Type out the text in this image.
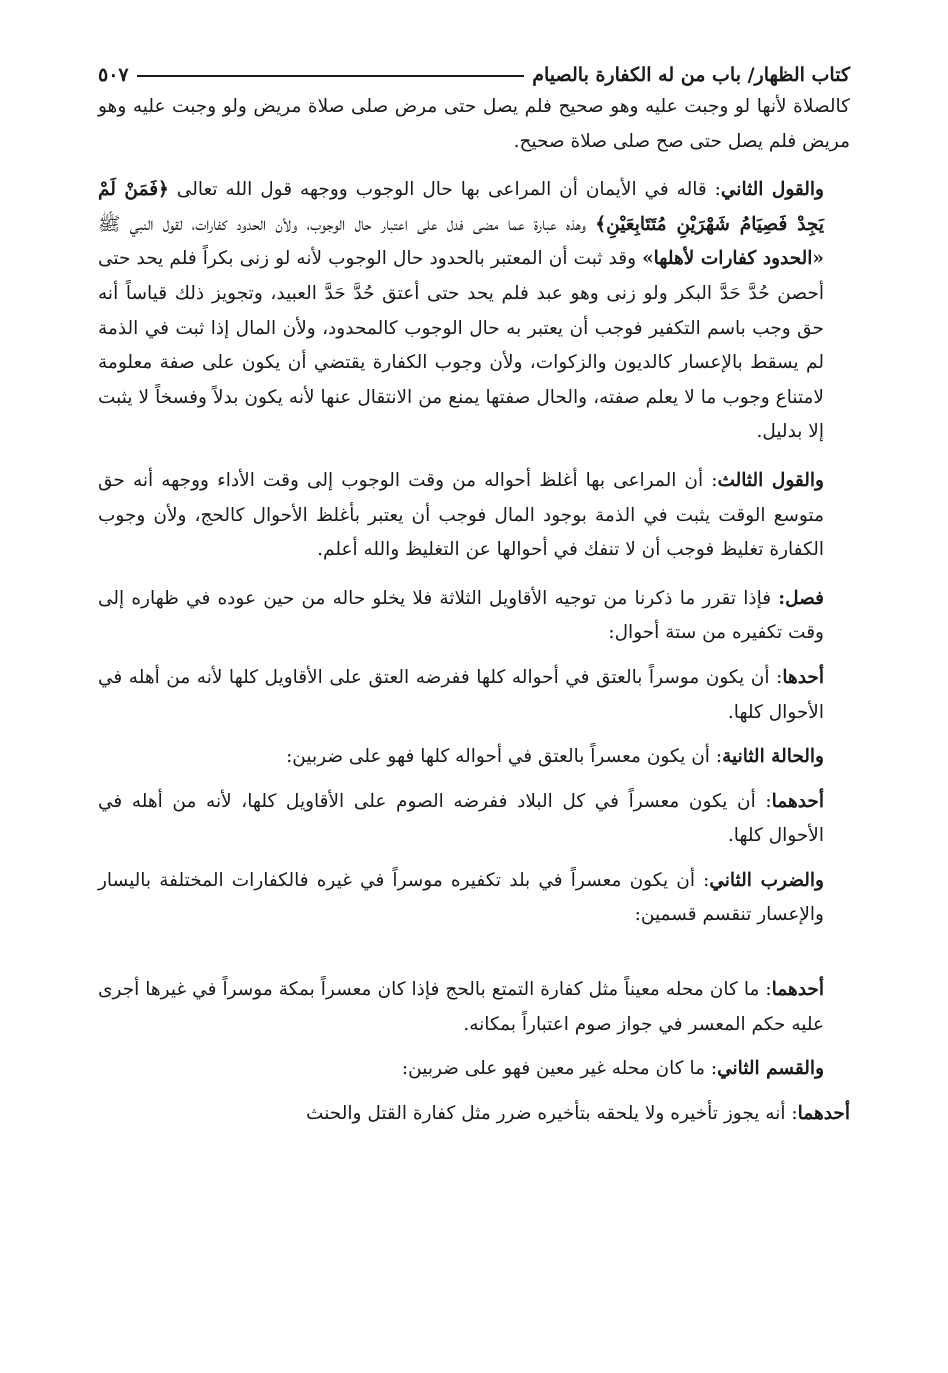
كتاب الظهار/ باب من له الكفارة بالصيام
٥٠٧

كالصلاة لأنها لو وجبت عليه وهو صحيح فلم يصل حتى مرض صلى صلاة مريض ولو وجبت عليه وهو مريض فلم يصل حتى صح صلى صلاة صحيح.

والقول الثاني: قاله في الأيمان أن المراعى بها حال الوجوب ووجهه قول الله تعالى ﴿فَمَنْ لَمْ يَجِدْ فَصِيَامُ شَهْرَيْنِ مُتَتَابِعَيْنِ﴾ وهذه عبارة عما مضى فدل على اعتبار حال الوجوب، ولأن الحدود كفارات، لقول النبي ﷺ «الحدود كفارات لأهلها» وقد ثبت أن المعتبر بالحدود حال الوجوب لأنه لو زنى بكراً فلم يحد حتى أحصن حُدَّ حَدَّ البكر ولو زنى وهو عبد فلم يحد حتى أعتق حُدَّ حَدَّ العبيد، وتجويز ذلك قياساً أنه حق وجب باسم التكفير فوجب أن يعتبر به حال الوجوب كالمحدود، ولأن المال إذا ثبت في الذمة لم يسقط بالإعسار كالديون والزكوات، ولأن وجوب الكفارة يقتضي أن يكون على صفة معلومة لامتناع وجوب ما لا يعلم صفته، والحال صفتها يمنع من الانتقال عنها لأنه يكون بدلاً وفسخاً لا يثبت إلا بدليل.

والقول الثالث: أن المراعى بها أغلظ أحواله من وقت الوجوب إلى وقت الأداء ووجهه أنه حق متوسع الوقت يثبت في الذمة بوجود المال فوجب أن يعتبر بأغلظ الأحوال كالحج، ولأن وجوب الكفارة تغليظ فوجب أن لا تنفك في أحوالها عن التغليظ والله أعلم.

فصل: فإذا تقرر ما ذكرنا من توجيه الأقاويل الثلاثة فلا يخلو حاله من حين عوده في ظهاره إلى وقت تكفيره من ستة أحوال:

أحدها: أن يكون موسراً بالعتق في أحواله كلها ففرضه العتق على الأقاويل كلها لأنه من أهله في الأحوال كلها.

والحالة الثانية: أن يكون معسراً بالعتق في أحواله كلها فهو على ضربين:

أحدهما: أن يكون معسراً في كل البلاد ففرضه الصوم على الأقاويل كلها، لأنه من أهله في الأحوال كلها.

والضرب الثاني: أن يكون معسراً في بلد تكفيره موسراً في غيره فالكفارات المختلفة باليسار والإعسار تنقسم قسمين:

أحدهما: ما كان محله معيناً مثل كفارة التمتع بالحج فإذا كان معسراً بمكة موسراً في غيرها أجرى عليه حكم المعسر في جواز صوم اعتباراً بمكانه.

والقسم الثاني: ما كان محله غير معين فهو على ضربين:

أحدهما: أنه يجوز تأخيره ولا يلحقه بتأخيره ضرر مثل كفارة القتل والحنث
